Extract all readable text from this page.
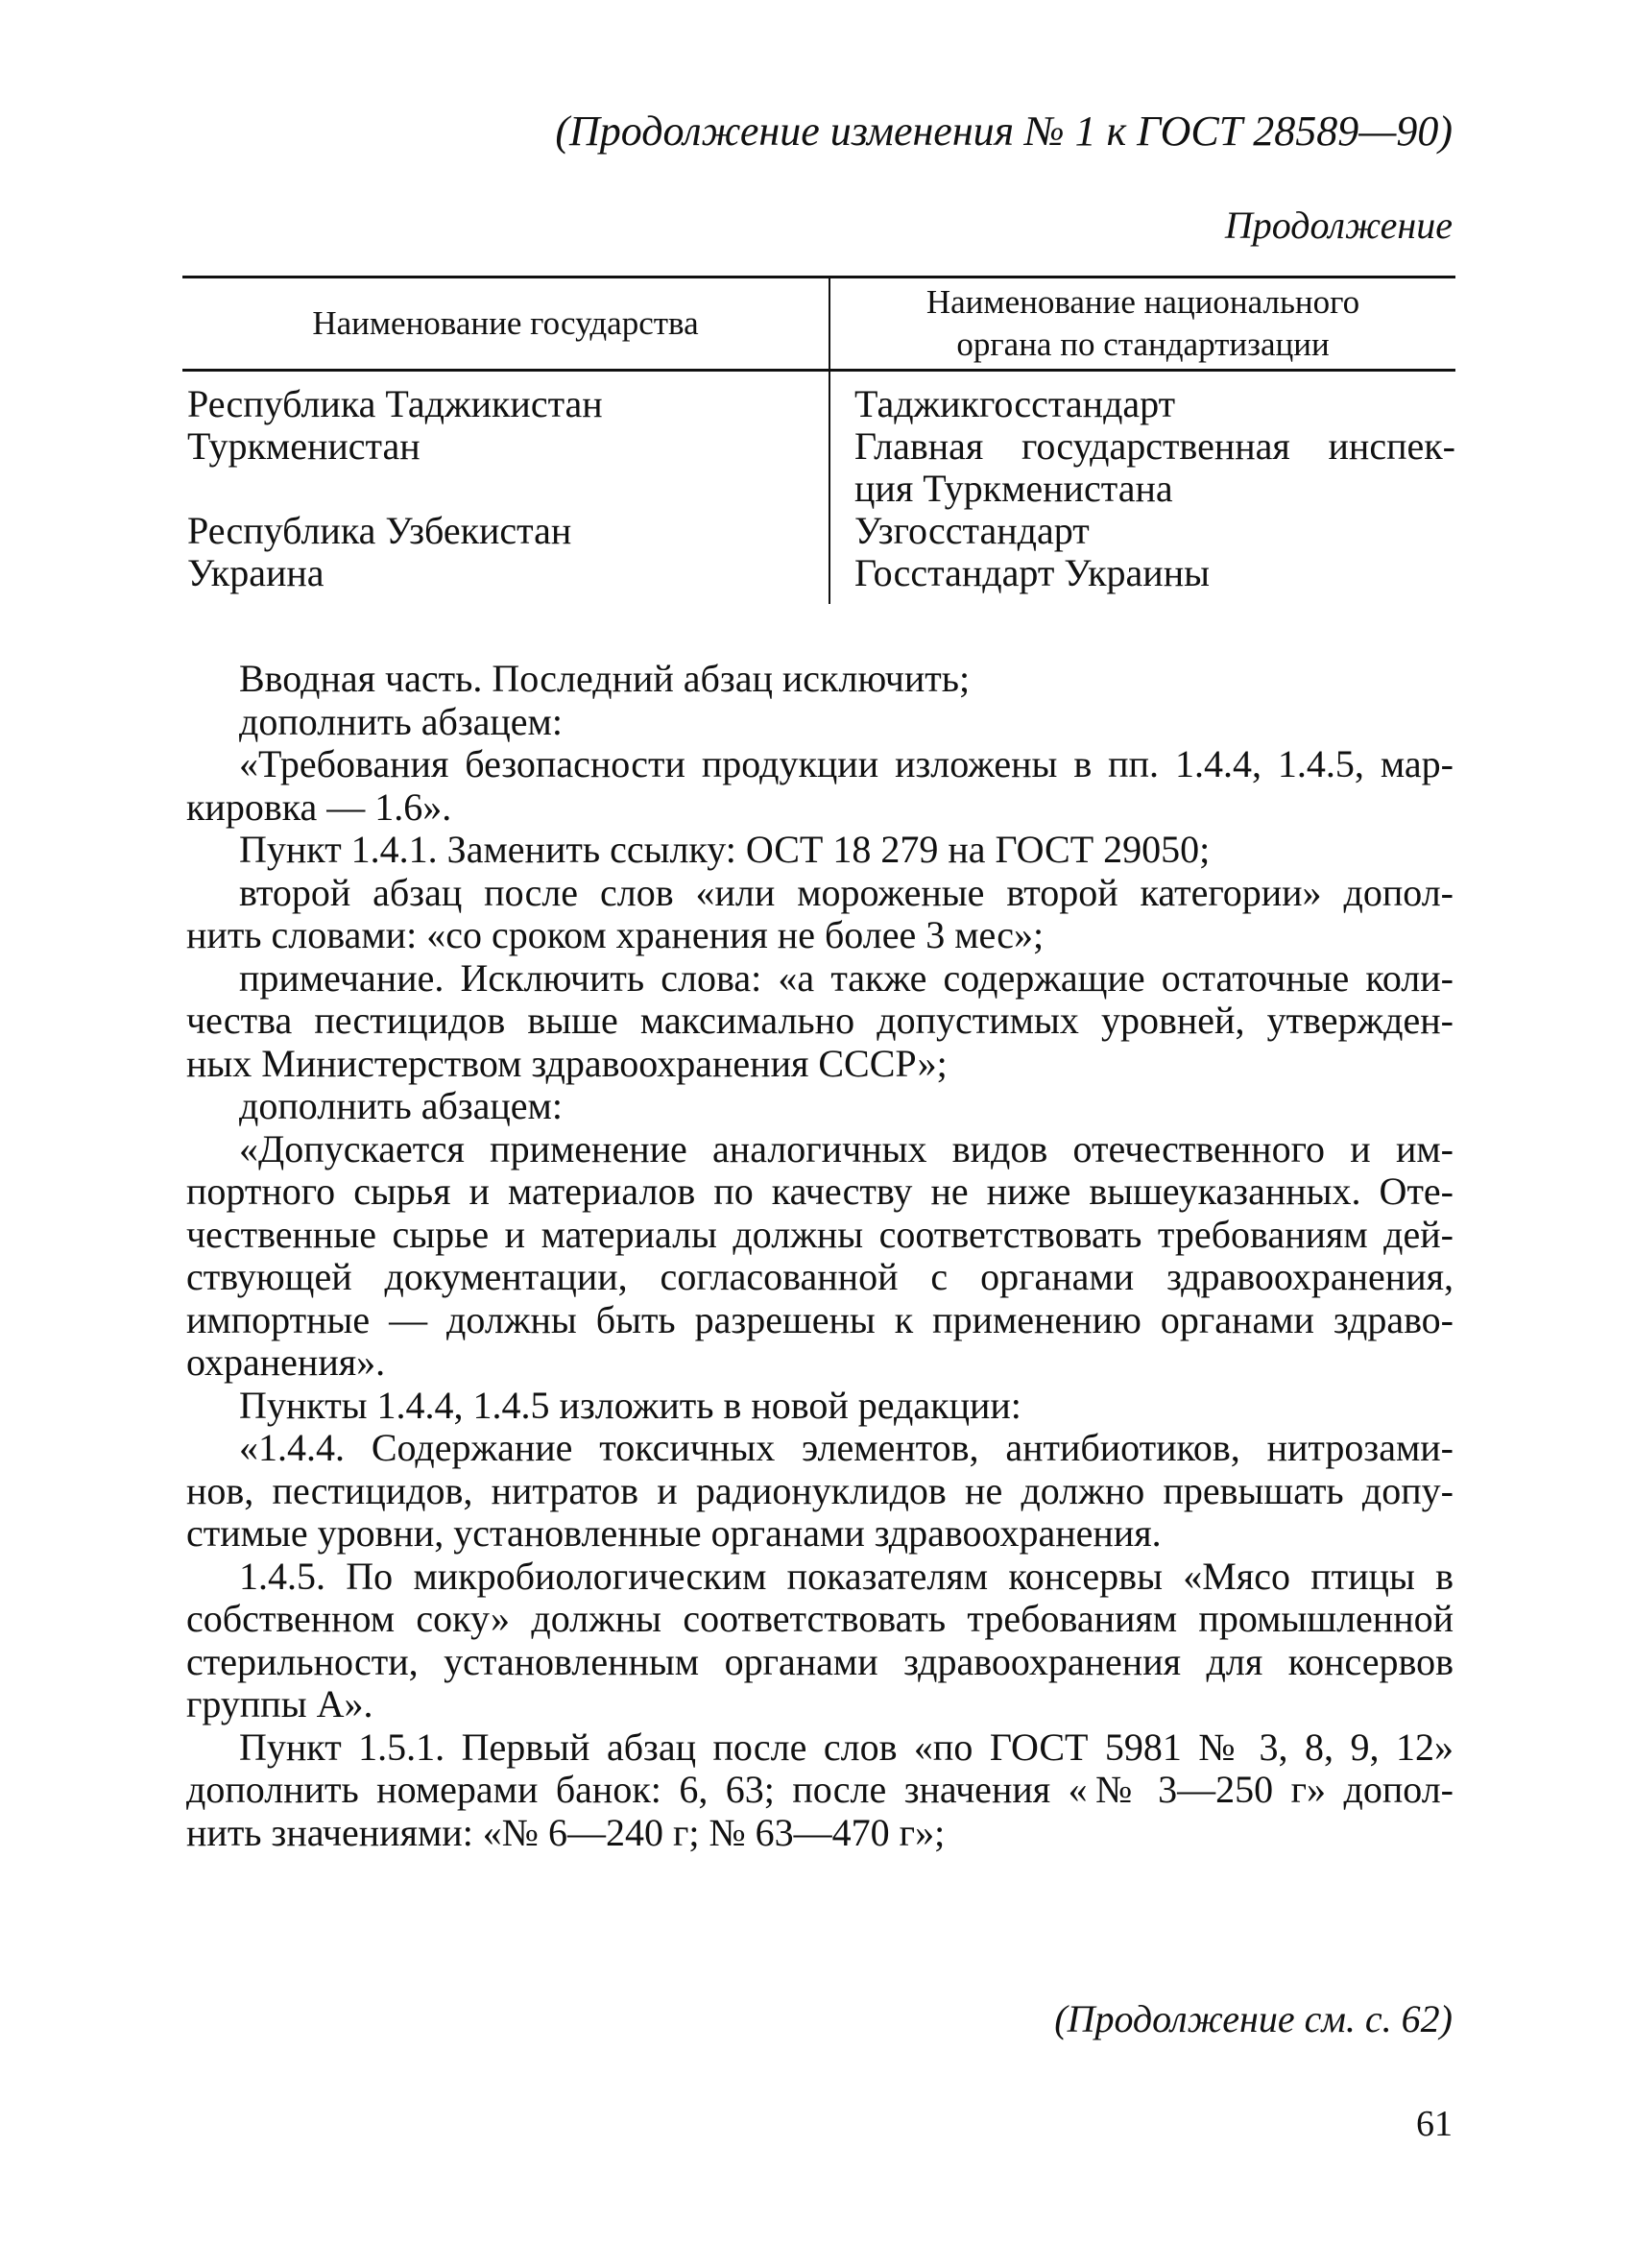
(Продолжение изменения № 1 к ГОСТ 28589—90)
Продолжение
Наименование государства
Наименование национального
органа по стандартизации
Республика Таджикистан
Туркменистан

Республика Узбекистан
Украина
Таджикгосстандарт
Главная государственная инспек-
ция Туркменистана
Узгосстандарт
Госстандарт Украины
Вводная часть. Последний абзац исключить;
дополнить абзацем:
«Требования безопасности продукции изложены в пп. 1.4.4, 1.4.5, мар-
кировка — 1.6».
Пункт 1.4.1. Заменить ссылку: ОСТ 18 279 на ГОСТ 29050;
второй абзац после слов «или мороженые второй категории» допол-
нить словами: «со сроком хранения не более 3 мес»;
примечание. Исключить слова: «а также содержащие остаточные коли-
чества пестицидов выше максимально допустимых уровней, утвержден-
ных Министерством здравоохранения СССР»;
дополнить абзацем:
«Допускается применение аналогичных видов отечественного и им-
портного сырья и материалов по качеству не ниже вышеуказанных. Оте-
чественные сырье и материалы должны соответствовать требованиям дей-
ствующей документации, согласованной с органами здравоохранения,
импортные — должны быть разрешены к применению органами здраво-
охранения».
Пункты 1.4.4, 1.4.5 изложить в новой редакции:
«1.4.4. Содержание токсичных элементов, антибиотиков, нитрозами-
нов, пестицидов, нитратов и радионуклидов не должно превышать допу-
стимые уровни, установленные органами здравоохранения.
1.4.5. По микробиологическим показателям консервы «Мясо птицы в
собственном соку» должны соответствовать требованиям промышленной
стерильности, установленным органами здравоохранения для консервов
группы А».
Пункт 1.5.1. Первый абзац после слов «по ГОСТ 5981 № 3, 8, 9, 12»
дополнить номерами банок: 6, 63; после значения «№ 3—250 г» допол-
нить значениями: «№ 6—240 г; № 63—470 г»;
(Продолжение см. с. 62)
61
